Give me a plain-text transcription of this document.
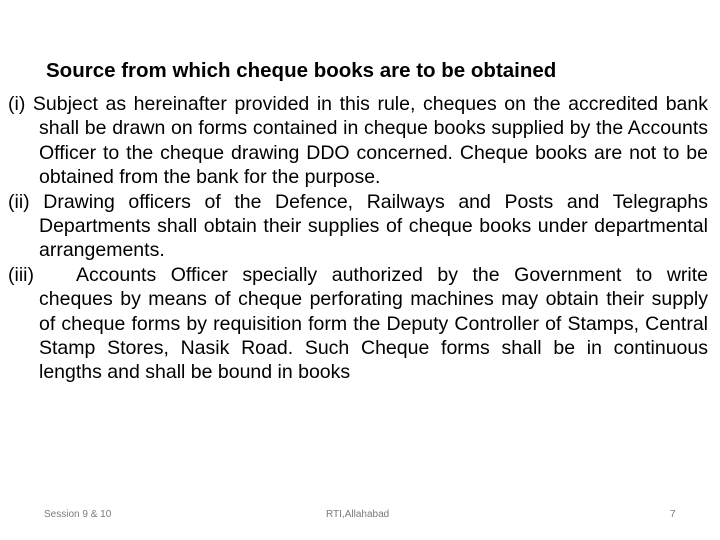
Source from which cheque books are to be obtained

(i) Subject as hereinafter provided in this rule, cheques on the accredited bank shall be drawn on forms contained in cheque books supplied by the Accounts Officer to the cheque drawing DDO concerned. Cheque books are not to be obtained from the bank for the purpose.

(ii) Drawing officers of the Defence, Railways and Posts and Telegraphs Departments shall obtain their supplies of cheque books under departmental arrangements.

(iii) Accounts Officer specially authorized by the Government to write cheques by means of cheque perforating machines may obtain their supply of cheque forms by requisition form the Deputy Controller of Stamps, Central Stamp Stores, Nasik Road. Such Cheque forms shall be in continuous lengths and shall be bound in books

Session 9 & 10	RTI,Allahabad	7
